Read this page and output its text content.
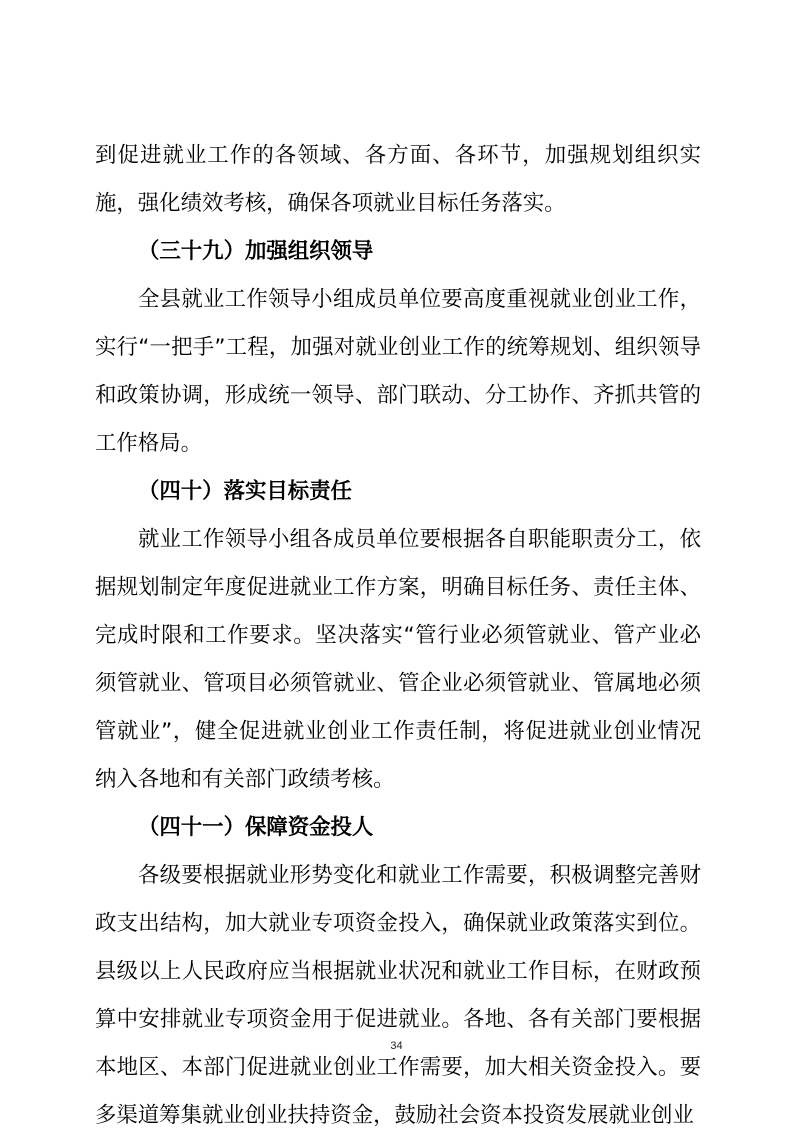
到促进就业工作的各领域、各方面、各环节，加强规划组织实施，强化绩效考核，确保各项就业目标任务落实。

（三十九）加强组织领导

全县就业工作领导小组成员单位要高度重视就业创业工作，实行“一把手”工程，加强对就业创业工作的统筹规划、组织领导和政策协调，形成统一领导、部门联动、分工协作、齐抓共管的工作格局。

（四十）落实目标责任

就业工作领导小组各成员单位要根据各自职能职责分工，依据规划制定年度促进就业工作方案，明确目标任务、责任主体、完成时限和工作要求。坚决落实“管行业必须管就业、管产业必须管就业、管项目必须管就业、管企业必须管就业、管属地必须管就业”，健全促进就业创业工作责任制，将促进就业创业情况纳入各地和有关部门政绩考核。

（四十一）保障资金投人

各级要根据就业形势变化和就业工作需要，积极调整完善财政支出结构，加大就业专项资金投入，确保就业政策落实到位。县级以上人民政府应当根据就业状况和就业工作目标，在财政预算中安排就业专项资金用于促进就业。各地、各有关部门要根据本地区、本部门促进就业创业工作需要，加大相关资金投入。要多渠道筹集就业创业扶持资金，鼓励社会资本投资发展就业创业

34
